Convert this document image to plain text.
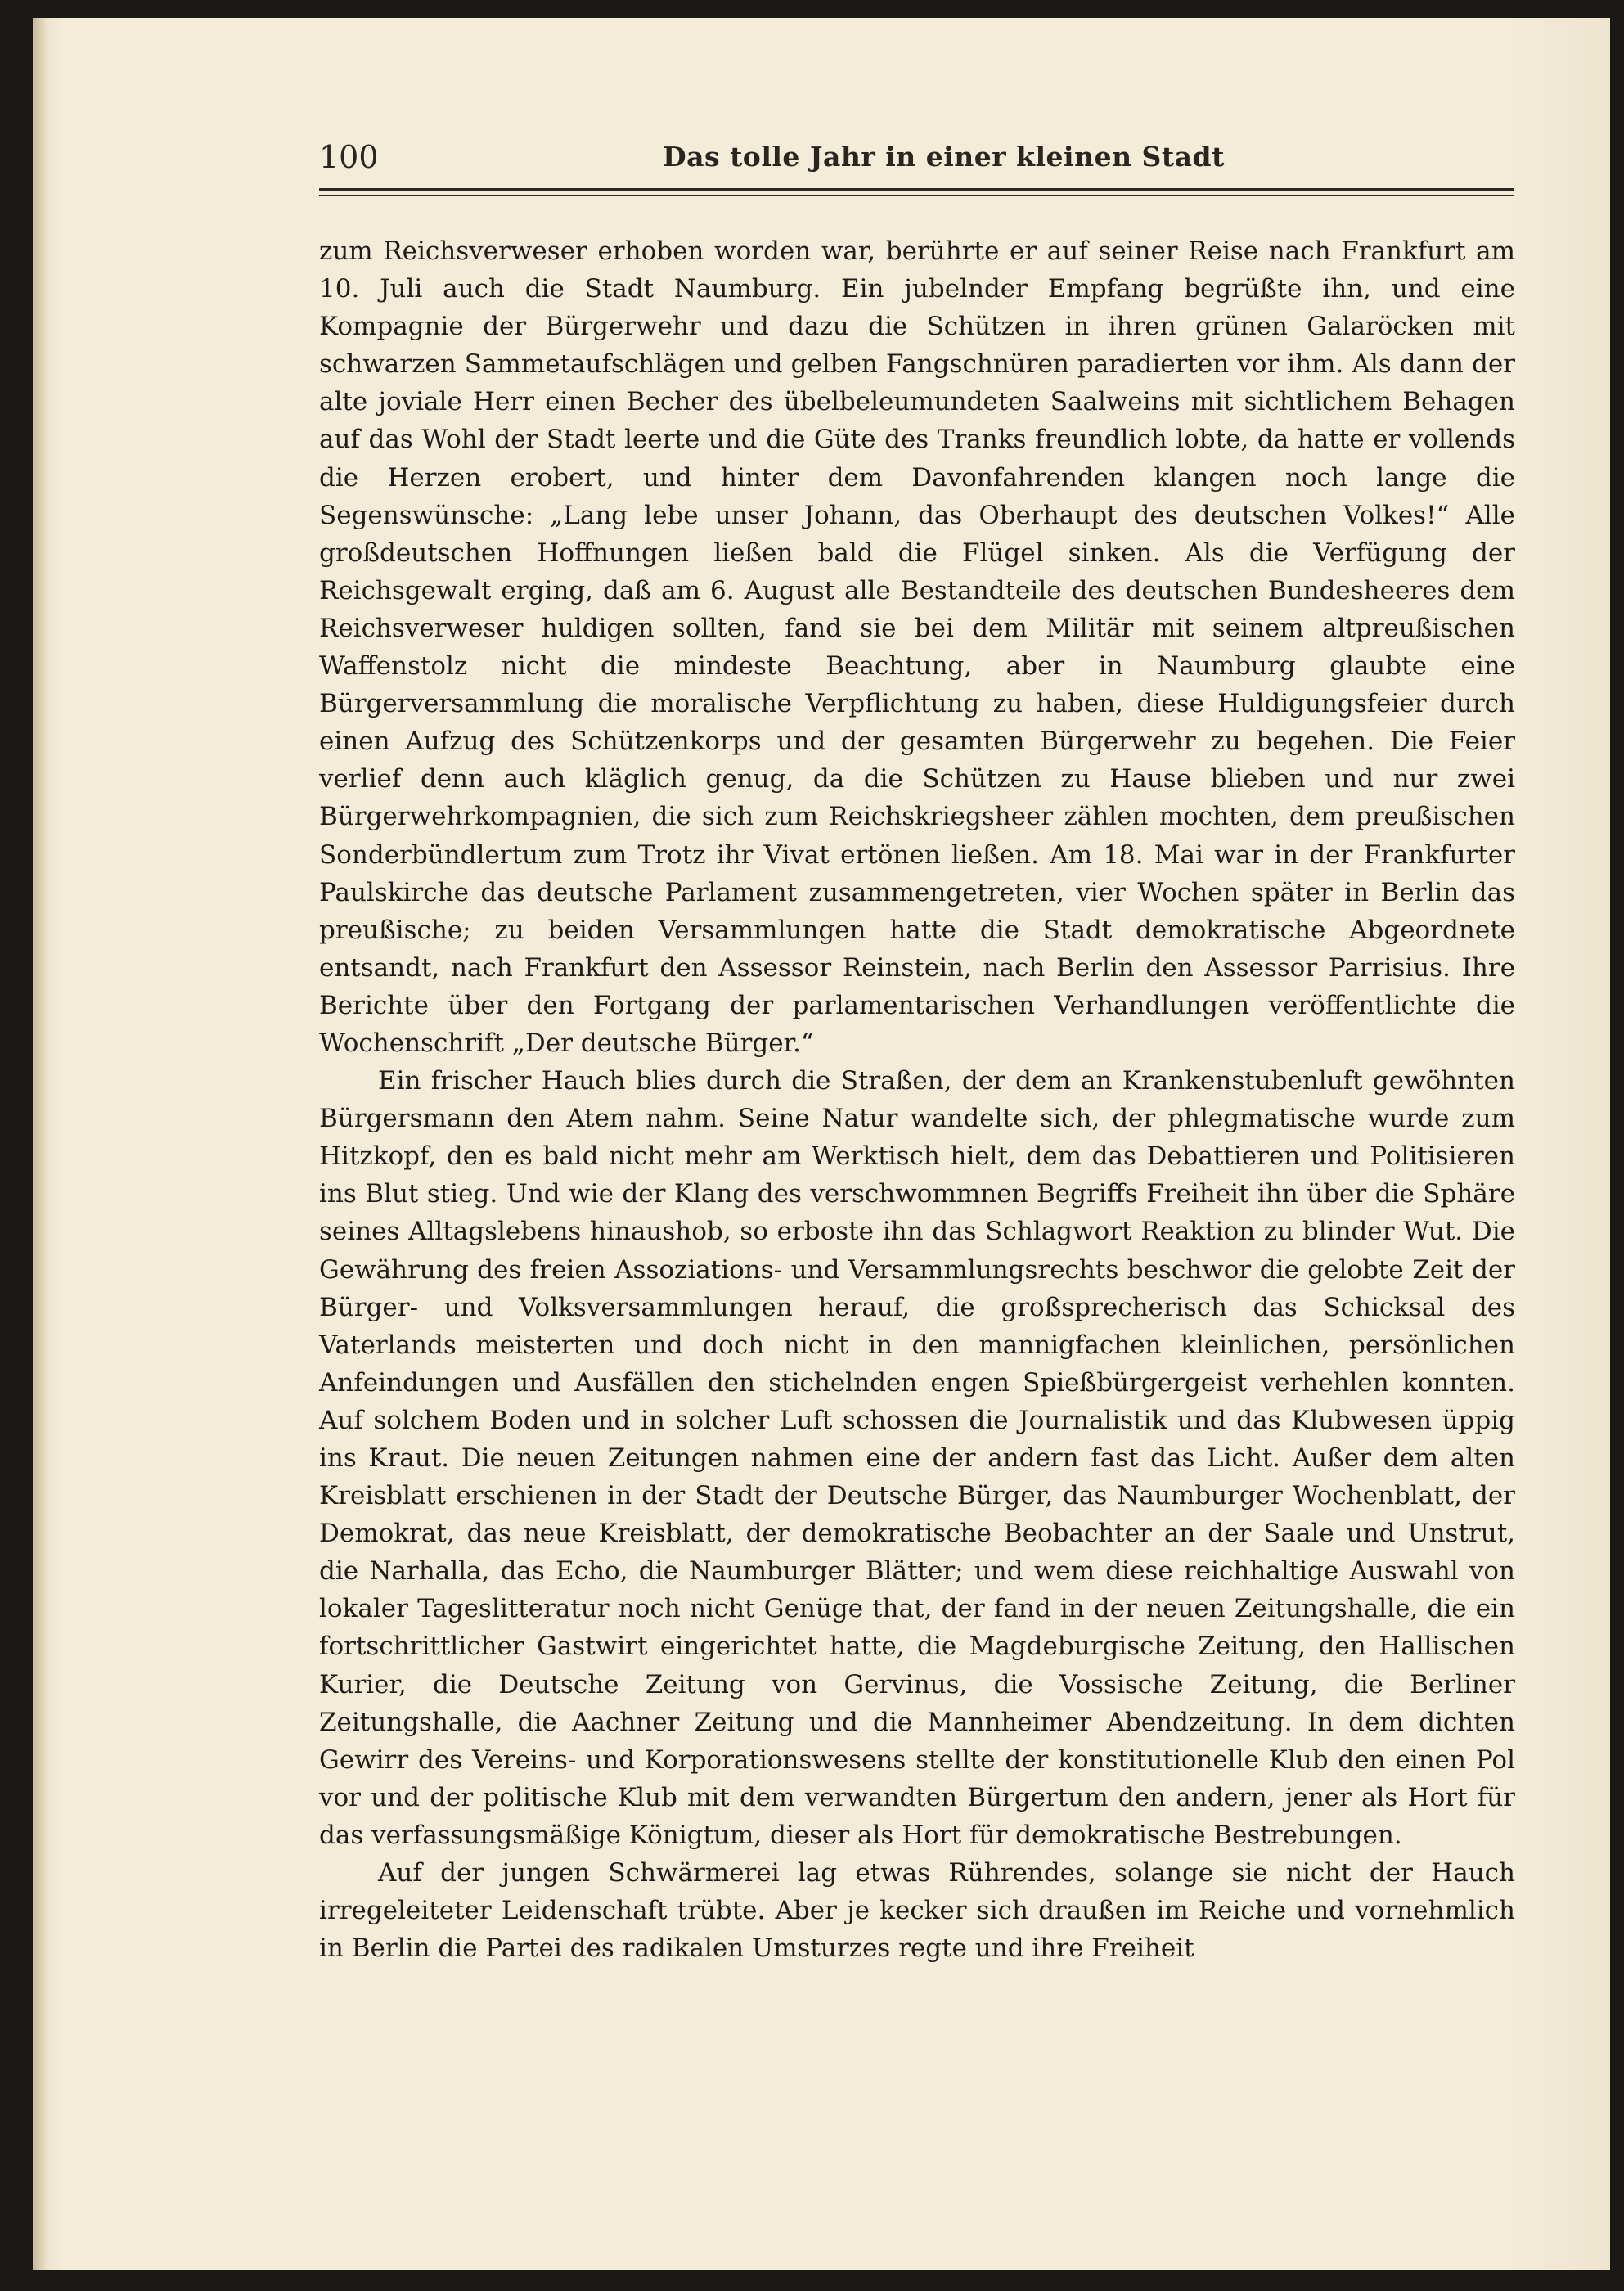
100	Das tolle Jahr in einer kleinen Stadt

zum Reichsverweser erhoben worden war, berührte er auf seiner Reise nach Frankfurt am 10. Juli auch die Stadt Naumburg. Ein jubelnder Empfang begrüßte ihn, und eine Kompagnie der Bürgerwehr und dazu die Schützen in ihren grünen Galaröcken mit schwarzen Sammetaufschlägen und gelben Fangschnüren paradierten vor ihm. Als dann der alte joviale Herr einen Becher des übelbeleumundeten Saalweins mit sichtlichem Behagen auf das Wohl der Stadt leerte und die Güte des Tranks freundlich lobte, da hatte er vollends die Herzen erobert, und hinter dem Davonfahrenden klangen noch lange die Segenswünsche: „Lang lebe unser Johann, das Oberhaupt des deutschen Volkes!“ Alle großdeutschen Hoffnungen ließen bald die Flügel sinken. Als die Verfügung der Reichsgewalt erging, daß am 6. August alle Bestandteile des deutschen Bundesheeres dem Reichsverweser huldigen sollten, fand sie bei dem Militär mit seinem altpreußischen Waffenstolz nicht die mindeste Beachtung, aber in Naumburg glaubte eine Bürgerversammlung die moralische Verpflichtung zu haben, diese Huldigungsfeier durch einen Aufzug des Schützenkorps und der gesamten Bürgerwehr zu begehen. Die Feier verlief denn auch kläglich genug, da die Schützen zu Hause blieben und nur zwei Bürgerwehrkompagnien, die sich zum Reichskriegsheer zählen mochten, dem preußischen Sonderbündlertum zum Trotz ihr Vivat ertönen ließen. Am 18. Mai war in der Frankfurter Paulskirche das deutsche Parlament zusammengetreten, vier Wochen später in Berlin das preußische; zu beiden Versammlungen hatte die Stadt demokratische Abgeordnete entsandt, nach Frankfurt den Assessor Reinstein, nach Berlin den Assessor Parrisius. Ihre Berichte über den Fortgang der parlamentarischen Verhandlungen veröffentlichte die Wochenschrift „Der deutsche Bürger.“

Ein frischer Hauch blies durch die Straßen, der dem an Krankenstubenluft gewöhnten Bürgersmann den Atem nahm. Seine Natur wandelte sich, der phlegmatische wurde zum Hitzkopf, den es bald nicht mehr am Werktisch hielt, dem das Debattieren und Politisieren ins Blut stieg. Und wie der Klang des verschwommnen Begriffs Freiheit ihn über die Sphäre seines Alltagslebens hinaushob, so erboste ihn das Schlagwort Reaktion zu blinder Wut. Die Gewährung des freien Assoziations- und Versammlungsrechts beschwor die gelobte Zeit der Bürger- und Volksversammlungen herauf, die großsprecherisch das Schicksal des Vaterlands meisterten und doch nicht in den mannigfachen kleinlichen, persönlichen Anfeindungen und Ausfällen den stichelnden engen Spießbürgergeist verhehlen konnten. Auf solchem Boden und in solcher Luft schossen die Journalistik und das Klubwesen üppig ins Kraut. Die neuen Zeitungen nahmen eine der andern fast das Licht. Außer dem alten Kreisblatt erschienen in der Stadt der Deutsche Bürger, das Naumburger Wochenblatt, der Demokrat, das neue Kreisblatt, der demokratische Beobachter an der Saale und Unstrut, die Narhalla, das Echo, die Naumburger Blätter; und wem diese reichhaltige Auswahl von lokaler Tageslitteratur noch nicht Genüge that, der fand in der neuen Zeitungshalle, die ein fortschrittlicher Gastwirt eingerichtet hatte, die Magdeburgische Zeitung, den Hallischen Kurier, die Deutsche Zeitung von Gervinus, die Vossische Zeitung, die Berliner Zeitungshalle, die Aachner Zeitung und die Mannheimer Abendzeitung. In dem dichten Gewirr des Vereins- und Korporationswesens stellte der konstitutionelle Klub den einen Pol vor und der politische Klub mit dem verwandten Bürgertum den andern, jener als Hort für das verfassungsmäßige Königtum, dieser als Hort für demokratische Bestrebungen.

Auf der jungen Schwärmerei lag etwas Rührendes, solange sie nicht der Hauch irregeleiteter Leidenschaft trübte. Aber je kecker sich draußen im Reiche und vornehmlich in Berlin die Partei des radikalen Umsturzes regte und ihre Freiheit
